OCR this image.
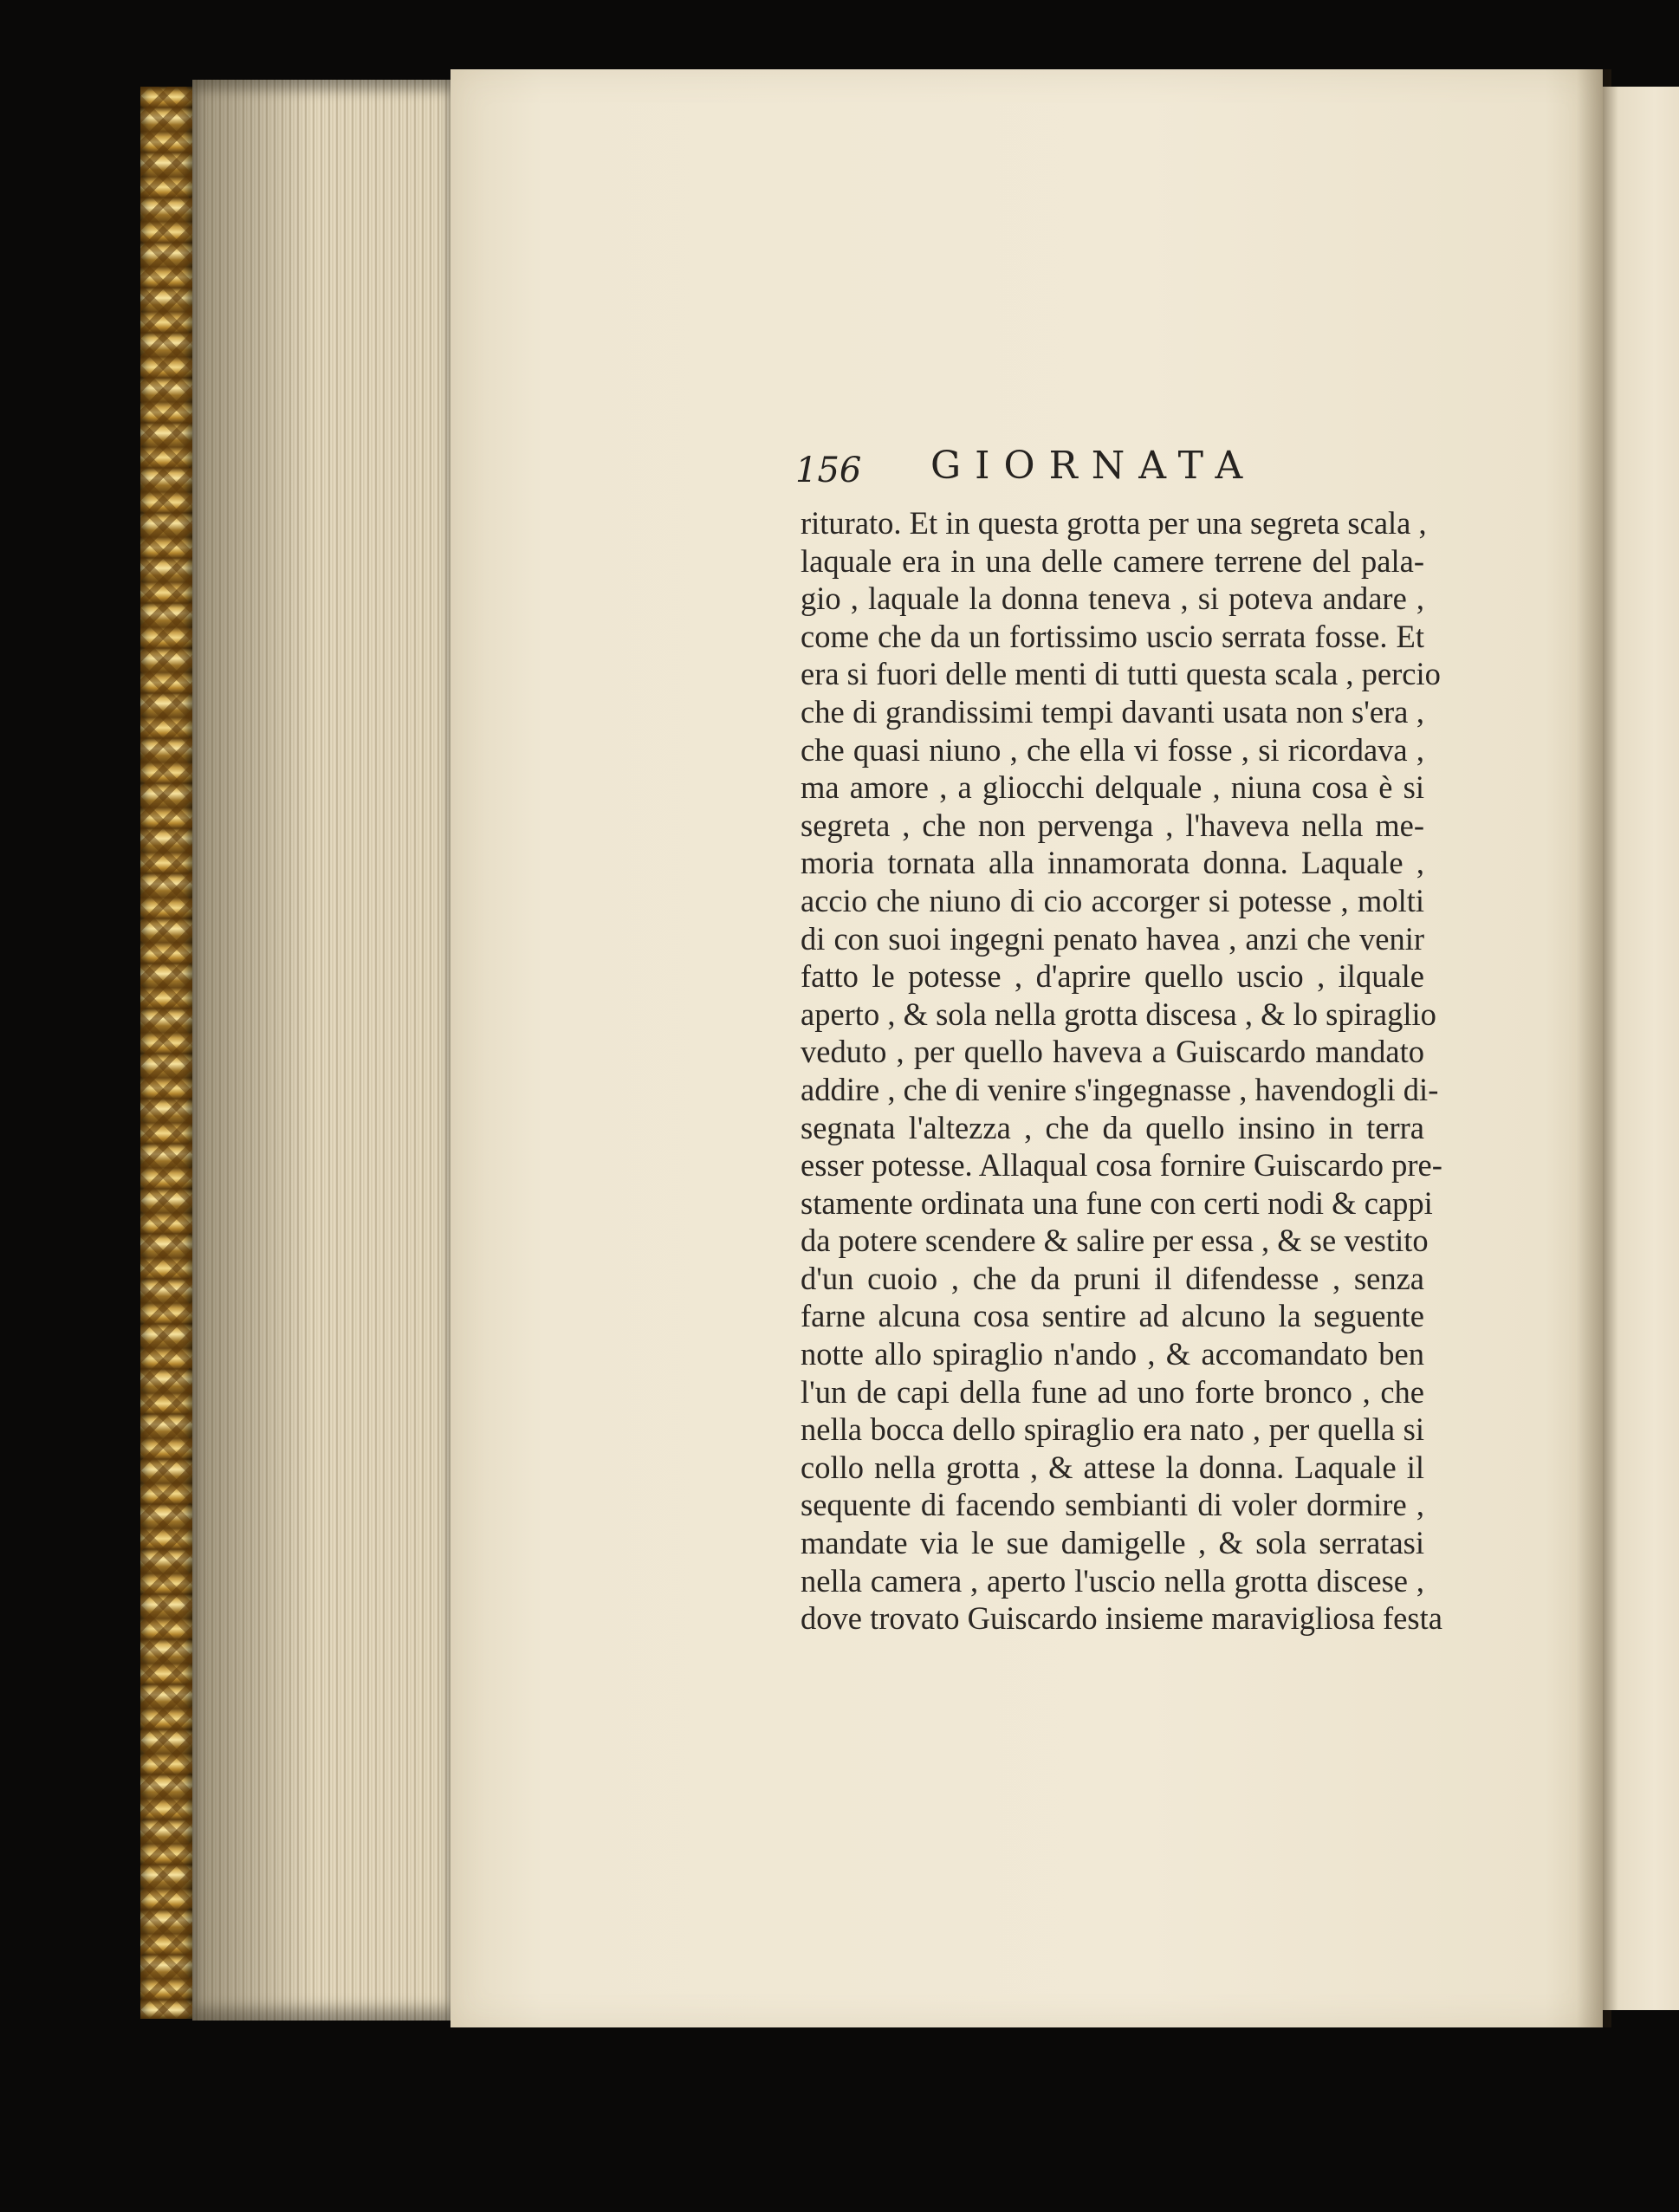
156 GIORNATA
riturato. Et in questa grotta per una segreta scala ,
laquale era in una delle camere terrene del pala-
gio , laquale la donna teneva , si poteva andare ,
come che da un fortissimo uscio serrata fosse. Et
era si fuori delle menti di tutti questa scala , percio
che di grandissimi tempi davanti usata non s'era ,
che quasi niuno , che ella vi fosse , si ricordava ,
ma amore , a gliocchi delquale , niuna cosa è si
segreta , che non pervenga , l'haveva nella me-
moria tornata alla innamorata donna. Laquale ,
accio che niuno di cio accorger si potesse , molti
di con suoi ingegni penato havea , anzi che venir
fatto le potesse , d'aprire quello uscio , ilquale
aperto , & sola nella grotta discesa , & lo spiraglio
veduto , per quello haveva a Guiscardo mandato
addire , che di venire s'ingegnasse , havendogli di-
segnata l'altezza , che da quello insino in terra
esser potesse. Allaqual cosa fornire Guiscardo pre-
stamente ordinata una fune con certi nodi & cappi
da potere scendere & salire per essa , & se vestito
d'un cuoio , che da pruni il difendesse , senza
farne alcuna cosa sentire ad alcuno la seguente
notte allo spiraglio n'ando , & accomandato ben
l'un de capi della fune ad uno forte bronco , che
nella bocca dello spiraglio era nato , per quella si
collo nella grotta , & attese la donna. Laquale il
sequente di facendo sembianti di voler dormire ,
mandate via le sue damigelle , & sola serratasi
nella camera , aperto l'uscio nella grotta discese ,
dove trovato Guiscardo insieme maravigliosa festa
